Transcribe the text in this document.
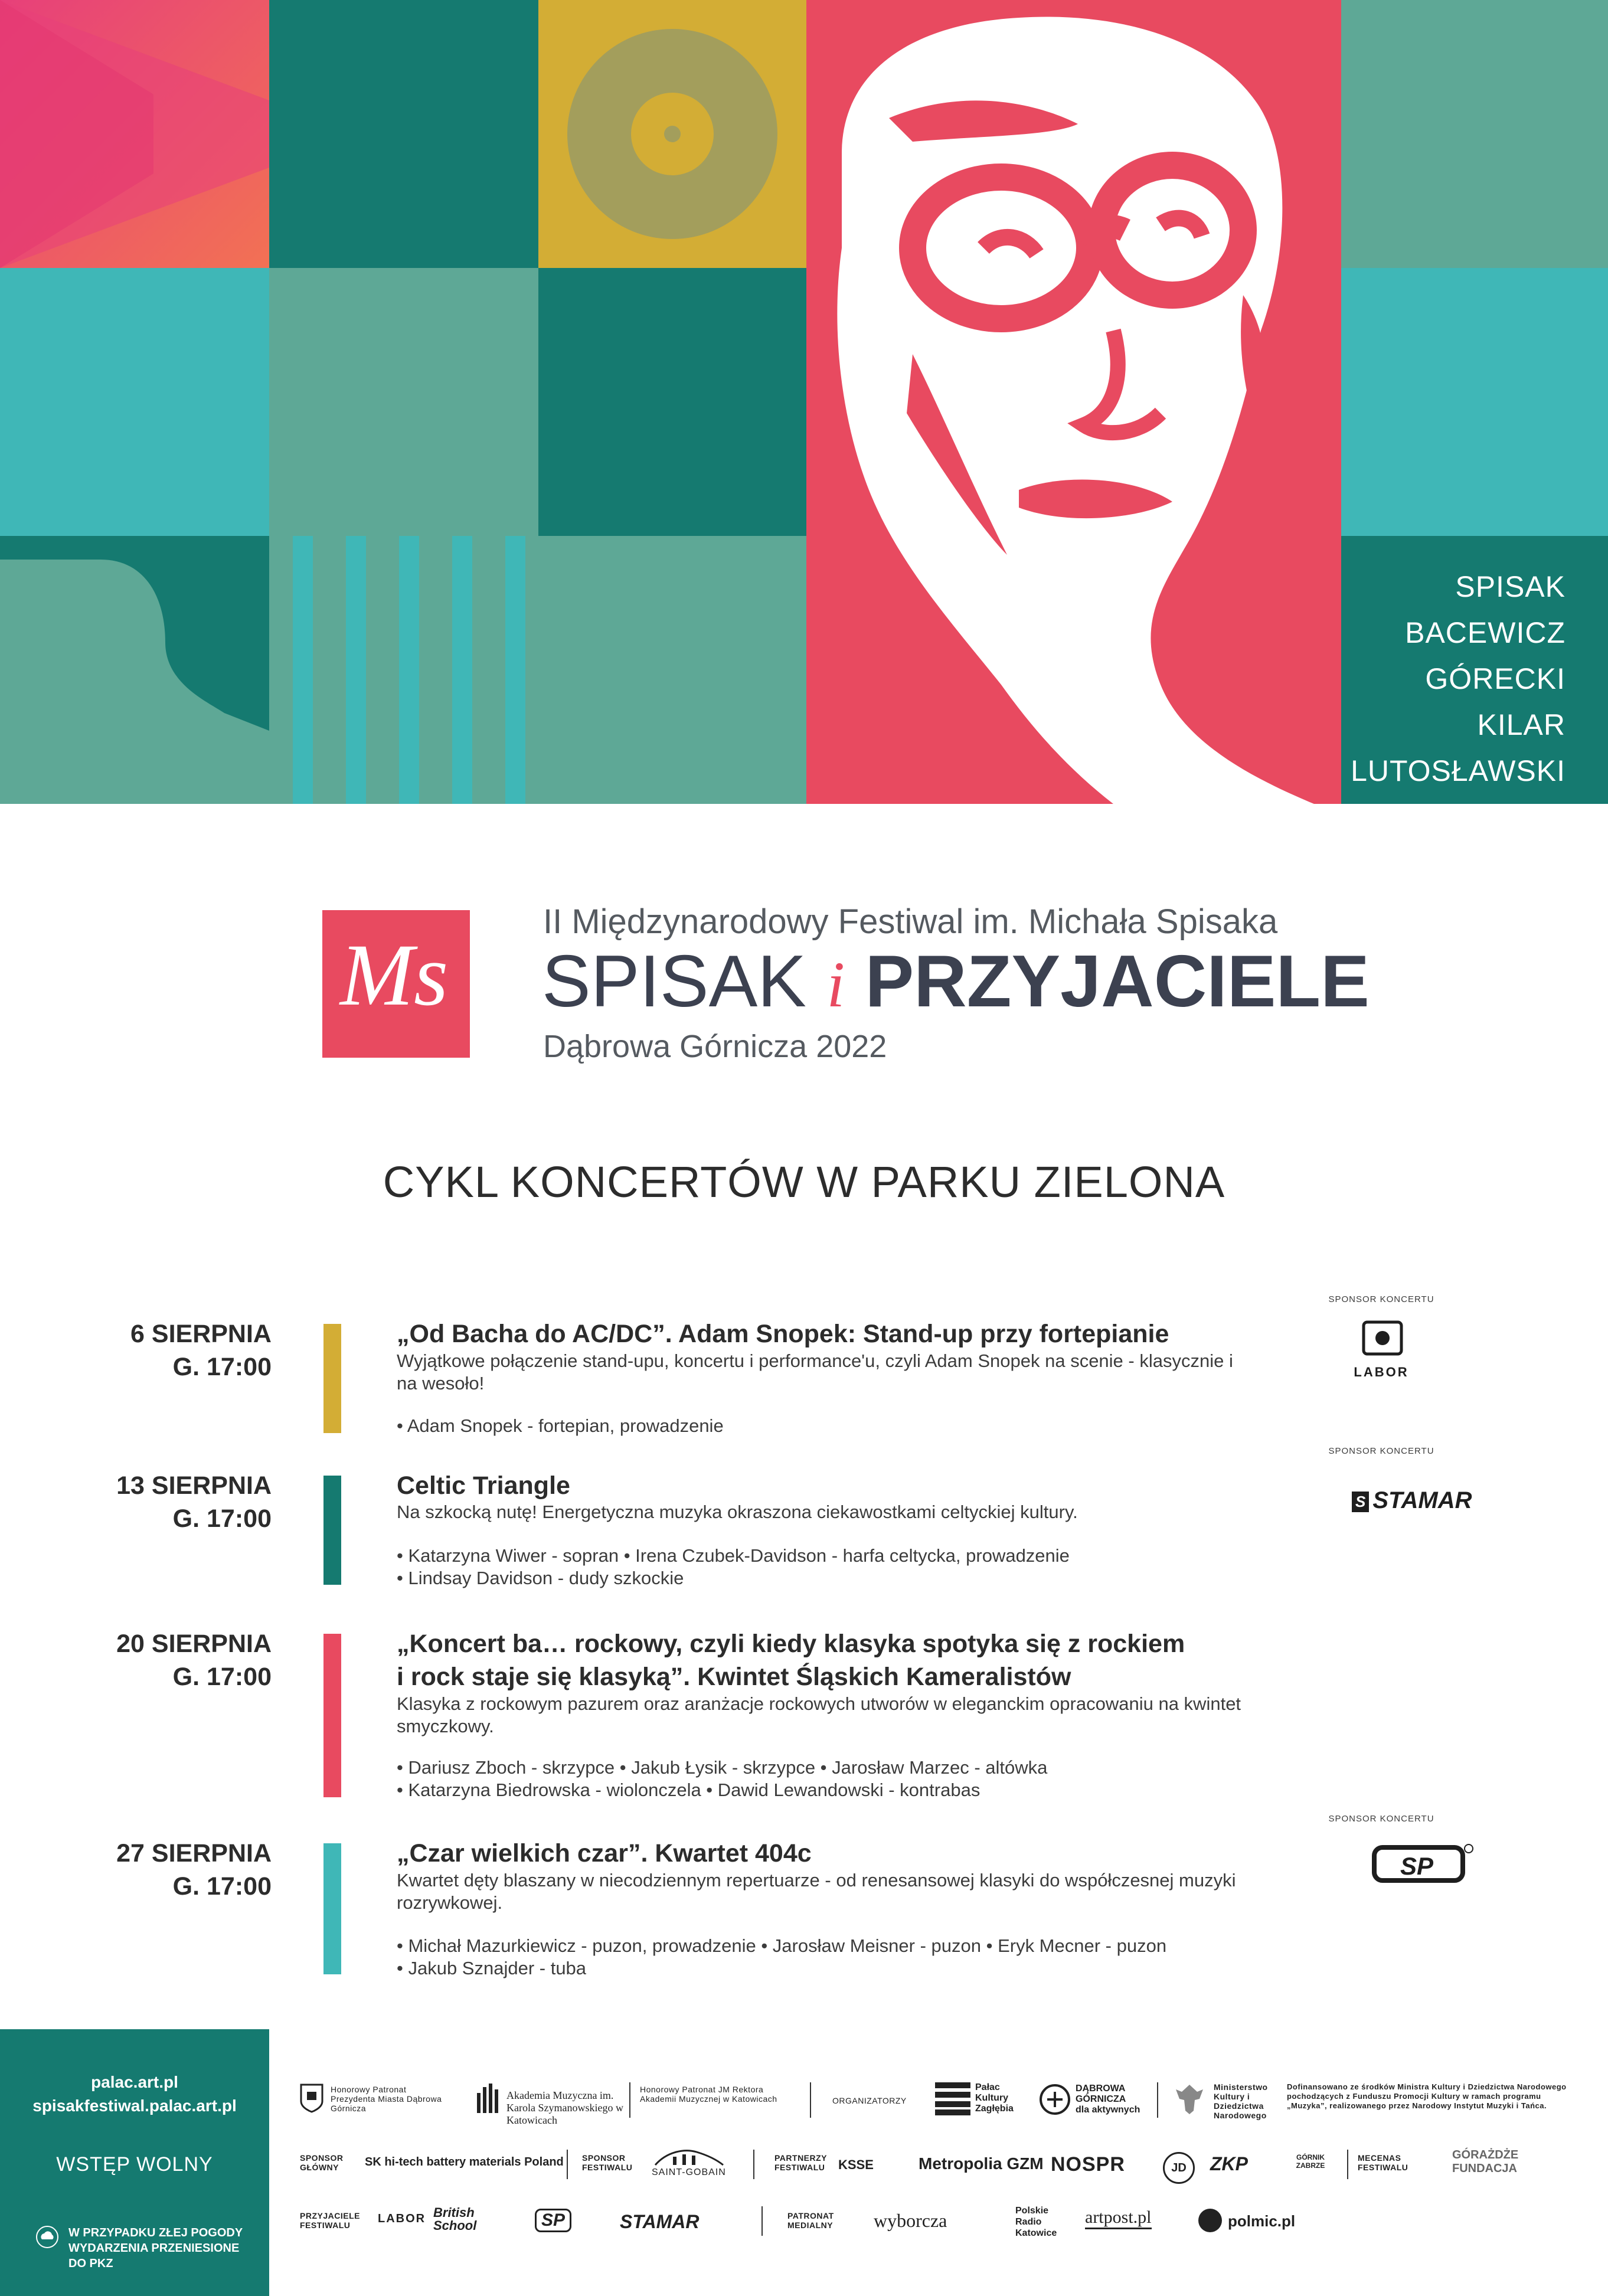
SPISAK
BACEWICZ
GÓRECKI
KILAR
LUTOSŁAWSKI
Ms
II Międzynarodowy Festiwal im. Michała Spisaka
SPISAK i PRZYJACIELE
Dąbrowa Górnicza 2022
CYKL KONCERTÓW W PARKU ZIELONA
6 SIERPNIA
G. 17:00
„Od Bacha do AC/DC”. Adam Snopek: Stand-up przy fortepianie
Wyjątkowe połączenie stand-upu, koncertu i performance'u, czyli Adam Snopek na scenie - klasycznie i na wesoło!
• Adam Snopek - fortepian, prowadzenie
SPONSOR KONCERTU
LABOR
13 SIERPNIA
G. 17:00
Celtic Triangle
Na szkocką nutę! Energetyczna muzyka okraszona ciekawostkami celtyckiej kultury.
• Katarzyna Wiwer - sopran • Irena Czubek-Davidson - harfa celtycka, prowadzenie
• Lindsay Davidson - dudy szkockie
SPONSOR KONCERTU
S STAMAR
20 SIERPNIA
G. 17:00
„Koncert ba… rockowy, czyli kiedy klasyka spotyka się z rockiem
i rock staje się klasyką”. Kwintet Śląskich Kameralistów
Klasyka z rockowym pazurem oraz aranżacje rockowych utworów w eleganckim opracowaniu na kwintet smyczkowy.
• Dariusz Zboch - skrzypce • Jakub Łysik - skrzypce • Jarosław Marzec - altówka
• Katarzyna Biedrowska - wiolonczela • Dawid Lewandowski - kontrabas
27 SIERPNIA
G. 17:00
„Czar wielkich czar”. Kwartet 404c
Kwartet dęty blaszany w niecodziennym repertuarze - od renesansowej klasyki do współczesnej muzyki rozrywkowej.
• Michał Mazurkiewicz - puzon, prowadzenie • Jarosław Meisner - puzon • Eryk Mecner - puzon
• Jakub Sznajder - tuba
SPONSOR KONCERTU
SP
palac.art.pl
spisakfestiwal.palac.art.pl
WSTĘP WOLNY
W PRZYPADKU ZŁEJ POGODY WYDARZENIA PRZENIESIONE DO PKZ
Honorowy Patronat Prezydenta Miasta Dąbrowa Górnicza
Akademia Muzyczna im. Karola Szymanowskiego w Katowicach
Honorowy Patronat JM Rektora Akademii Muzycznej w Katowicach	ORGANIZATORZY
Pałac Kultury Zagłębia
DĄBROWA GÓRNICZA dla aktywnych
Ministerstwo Kultury i Dziedzictwa Narodowego
Dofinansowano ze środków Ministra Kultury i Dziedzictwa Narodowego pochodzących z Funduszu Promocji Kultury w ramach programu „Muzyka”, realizowanego przez Narodowy Instytut Muzyki i Tańca.
SPONSOR GŁÓWNY	SK hi-tech battery materials Poland SPONSOR FESTIWALU SAINT-GOBAIN
PARTNERZY FESTIWALU KSSE	Metropolia GZM NOSPR	JD	ZKP	GÓRNIK ZABRZE
MECENAS FESTIWALU
GÓRAŻDŻE FUNDACJA
PRZYJACIELE FESTIWALU	LABOR British School	SP	STAMAR	PATRONAT MEDIALNY	wyborcza	Polskie Radio Katowice
artpost.pl	polmic.pl
